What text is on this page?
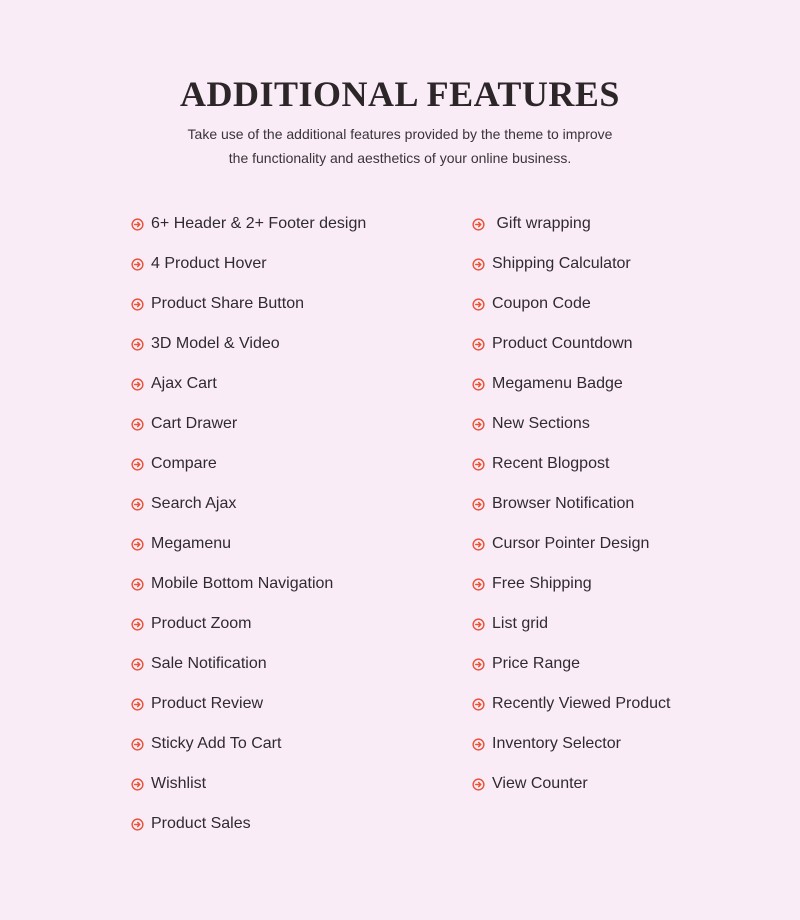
ADDITIONAL FEATURES
Take use of the additional features provided by the theme to improve
the functionality and aesthetics of your online business.
6+ Header & 2+ Footer design
4 Product Hover
Product Share Button
3D Model & Video
Ajax Cart
Cart Drawer
Compare
Search Ajax
Megamenu
Mobile Bottom Navigation
Product Zoom
Sale Notification
Product Review
Sticky Add To Cart
Wishlist
Product Sales
Gift wrapping
Shipping Calculator
Coupon Code
Product Countdown
Megamenu Badge
New Sections
Recent Blogpost
Browser Notification
Cursor Pointer Design
Free Shipping
List grid
Price Range
Recently Viewed Product
Inventory Selector
View Counter
